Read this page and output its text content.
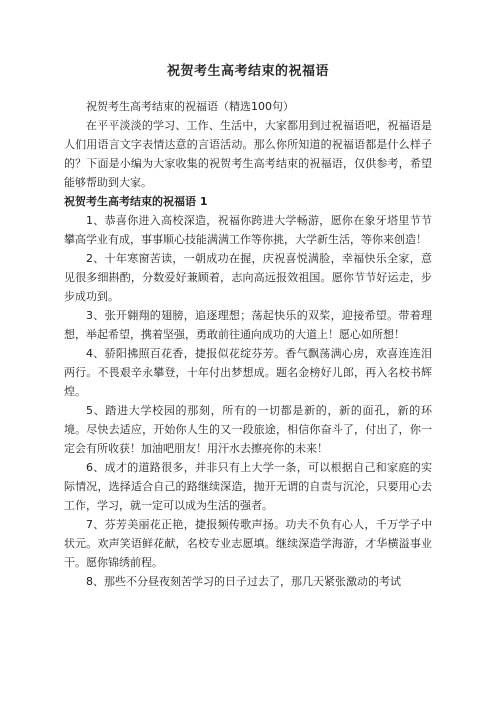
祝贺考生高考结束的祝福语

祝贺考生高考结束的祝福语（精选100句）

在平平淡淡的学习、工作、生活中，大家都用到过祝福语吧，祝福语是人们用语言文字表情达意的言语活动。那么你所知道的祝福语都是什么样子的？下面是小编为大家收集的祝贺考生高考结束的祝福语，仅供参考，希望能够帮助到大家。

祝贺考生高考结束的祝福语 1

1、恭喜你进入高校深造，祝福你跨进大学畅游，愿你在象牙塔里节节攀高学业有成，事事顺心技能满满工作等你挑，大学新生活，等你来创造！

2、十年寒窗苦读，一朝成功在握，庆祝喜悦满脸，幸福快乐全家，意见很多细斟酌，分数爱好兼顾着，志向高远报效祖国。愿你节节好运走，步步成功到。

3、张开翱翔的翅膀，追逐理想；荡起快乐的双桨，迎接希望。带着理想，举起希望，携着坚强，勇敢前往通向成功的大道上！愿心如所想！

4、骄阳拂照百花香，捷报似花绽芬芳。香气飘荡满心房，欢喜连连泪两行。不畏艰辛永攀登，十年付出梦想成。题名金榜好儿郎，再入名校书辉煌。

5、踏进大学校园的那刻，所有的一切都是新的，新的面孔，新的环境。尽快去适应，开始你人生的又一段旅途，相信你奋斗了，付出了，你一定会有所收获！加油吧朋友！用汗水去擦亮你的未来！

6、成才的道路很多，并非只有上大学一条，可以根据自己和家庭的实际情况，选择适合自己的路继续深造，抛开无谓的自责与沉沦，只要用心去工作，学习，就一定可以成为生活的强者。

7、芬芳美丽花正艳，捷报频传歌声扬。功夫不负有心人，千万学子中状元。欢声笑语鲜花献，名校专业志愿填。继续深造学海游，才华横溢事业干。愿你锦绣前程。

8、那些不分昼夜刻苦学习的日子过去了，那几天紧张激动的考试
